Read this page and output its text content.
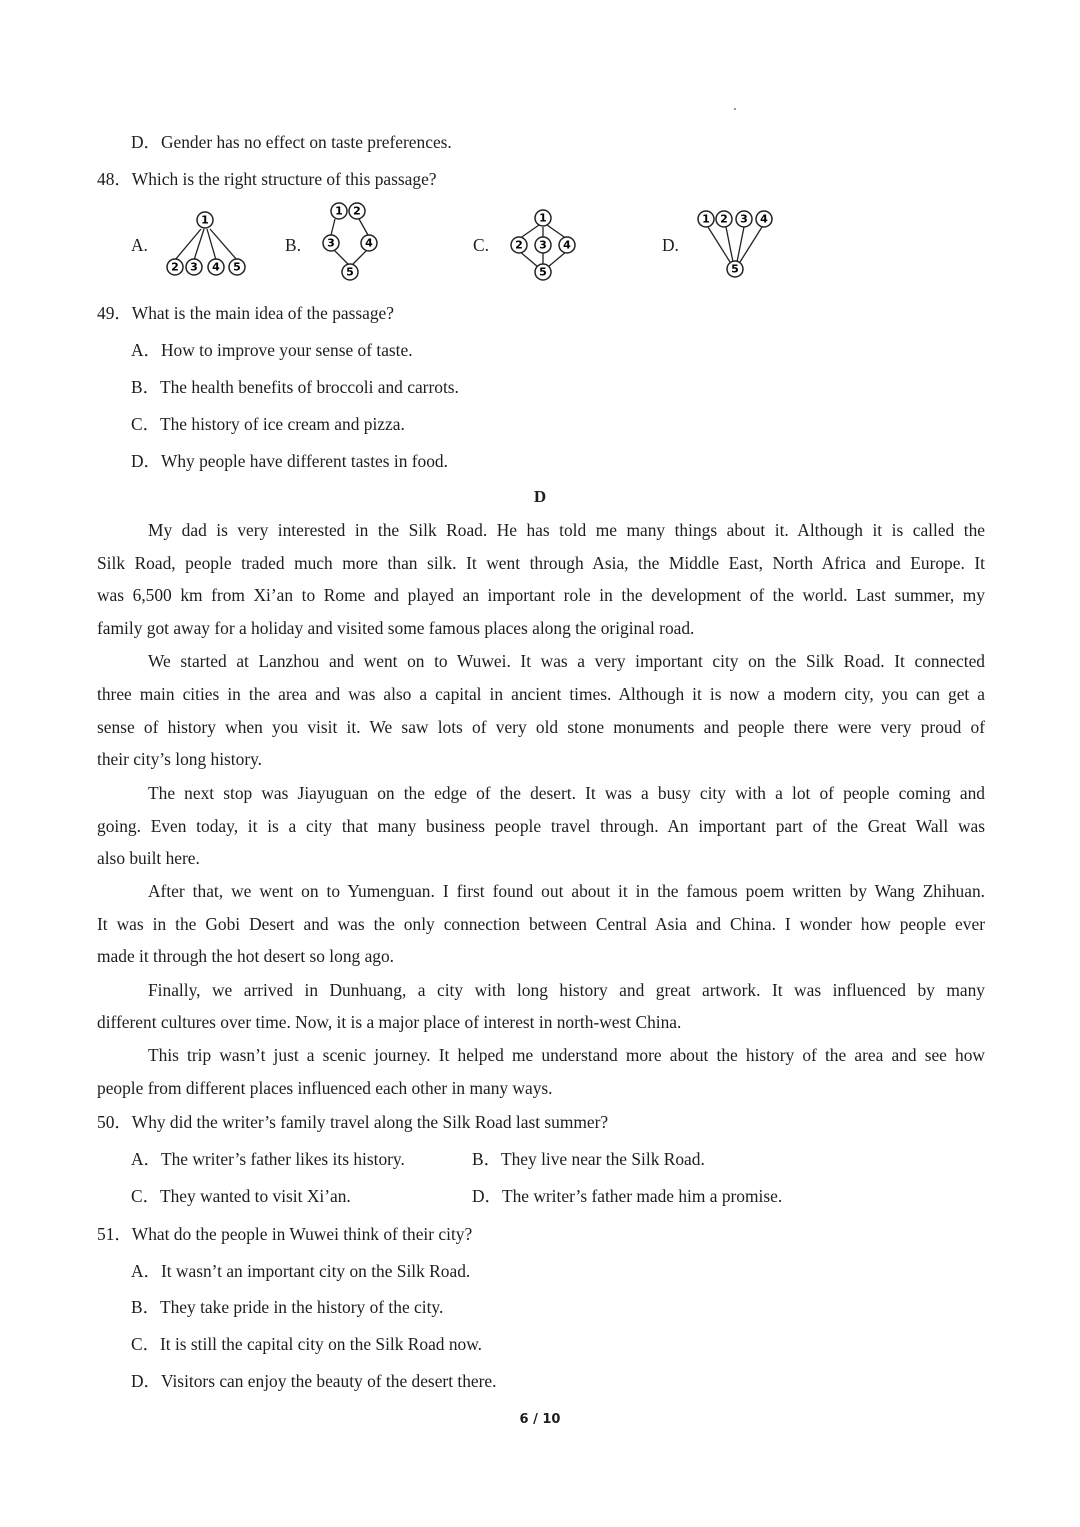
D．Gender has no effect on taste preferences.
48．Which is the right structure of this passage?
A.	B.	C.	D.
1
2 3 4 5
1 2
3	4
5
1
2 3 4
5
1 2 3 4
5
49．What is the main idea of the passage?
A．How to improve your sense of taste.
B．The health benefits of broccoli and carrots.
C．The history of ice cream and pizza.
D．Why people have different tastes in food.
D
My dad is very interested in the Silk Road. He has told me many things about it. Although it is called the
Silk Road, people traded much more than silk. It went through Asia, the Middle East, North Africa and Europe. It
was 6,500 km from Xi’an to Rome and played an important role in the development of the world. Last summer, my
family got away for a holiday and visited some famous places along the original road.
We started at Lanzhou and went on to Wuwei. It was a very important city on the Silk Road. It connected
three main cities in the area and was also a capital in ancient times. Although it is now a modern city, you can get a
sense of history when you visit it. We saw lots of very old stone monuments and people there were very proud of
their city’s long history.
The next stop was Jiayuguan on the edge of the desert. It was a busy city with a lot of people coming and
going. Even today, it is a city that many business people travel through. An important part of the Great Wall was
also built here.
After that, we went on to Yumenguan. I first found out about it in the famous poem written by Wang Zhihuan.
It was in the Gobi Desert and was the only connection between Central Asia and China. I wonder how people ever
made it through the hot desert so long ago.
Finally, we arrived in Dunhuang, a city with long history and great artwork. It was influenced by many
different cultures over time. Now, it is a major place of interest in north-west China.
This trip wasn’t just a scenic journey. It helped me understand more about the history of the area and see how
people from different places influenced each other in many ways.
50．Why did the writer’s family travel along the Silk Road last summer?
A．The writer’s father likes its history.	B．They live near the Silk Road.
C．They wanted to visit Xi’an.	D．The writer’s father made him a promise.
51．What do the people in Wuwei think of their city?
A．It wasn’t an important city on the Silk Road.
B．They take pride in the history of the city.
C．It is still the capital city on the Silk Road now.
D．Visitors can enjoy the beauty of the desert there.
6 / 10
